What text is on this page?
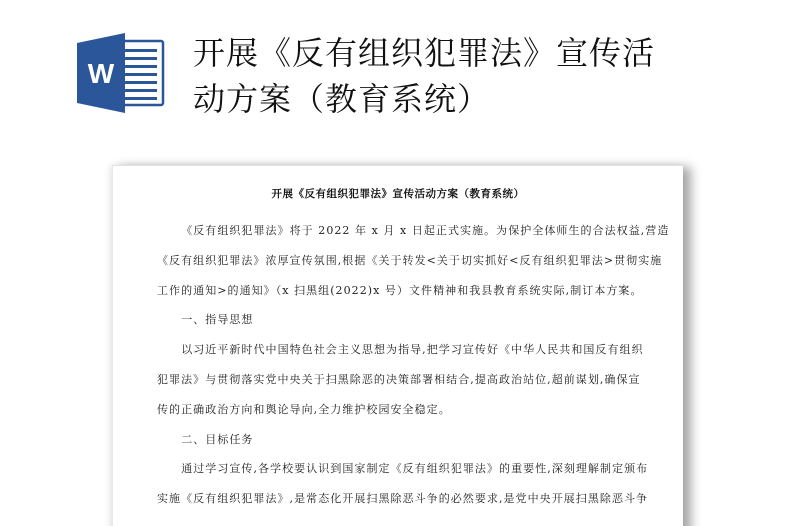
W
开展《反有组织犯罪法》宣传活
动方案（教育系统）
开展《反有组织犯罪法》宣传活动方案（教育系统）

《反有组织犯罪法》将于 2022 年 x 月 x 日起正式实施。为保护全体师生的合法权益,营造

《反有组织犯罪法》浓厚宣传氛围,根据《关于转发<关于切实抓好<反有组织犯罪法>贯彻实施

工作的通知>的通知》（x 扫黑组(2022)x 号）文件精神和我县教育系统实际,制订本方案。

一、指导思想

以习近平新时代中国特色社会主义思想为指导,把学习宣传好《中华人民共和国反有组织

犯罪法》与贯彻落实党中央关于扫黑除恶的决策部署相结合,提高政治站位,超前谋划,确保宣

传的正确政治方向和舆论导向,全力维护校园安全稳定。

二、目标任务

通过学习宣传,各学校要认识到国家制定《反有组织犯罪法》的重要性,深刻理解制定颁布

实施《反有组织犯罪法》,是常态化开展扫黑除恶斗争的必然要求,是党中央开展扫黑除恶斗争
